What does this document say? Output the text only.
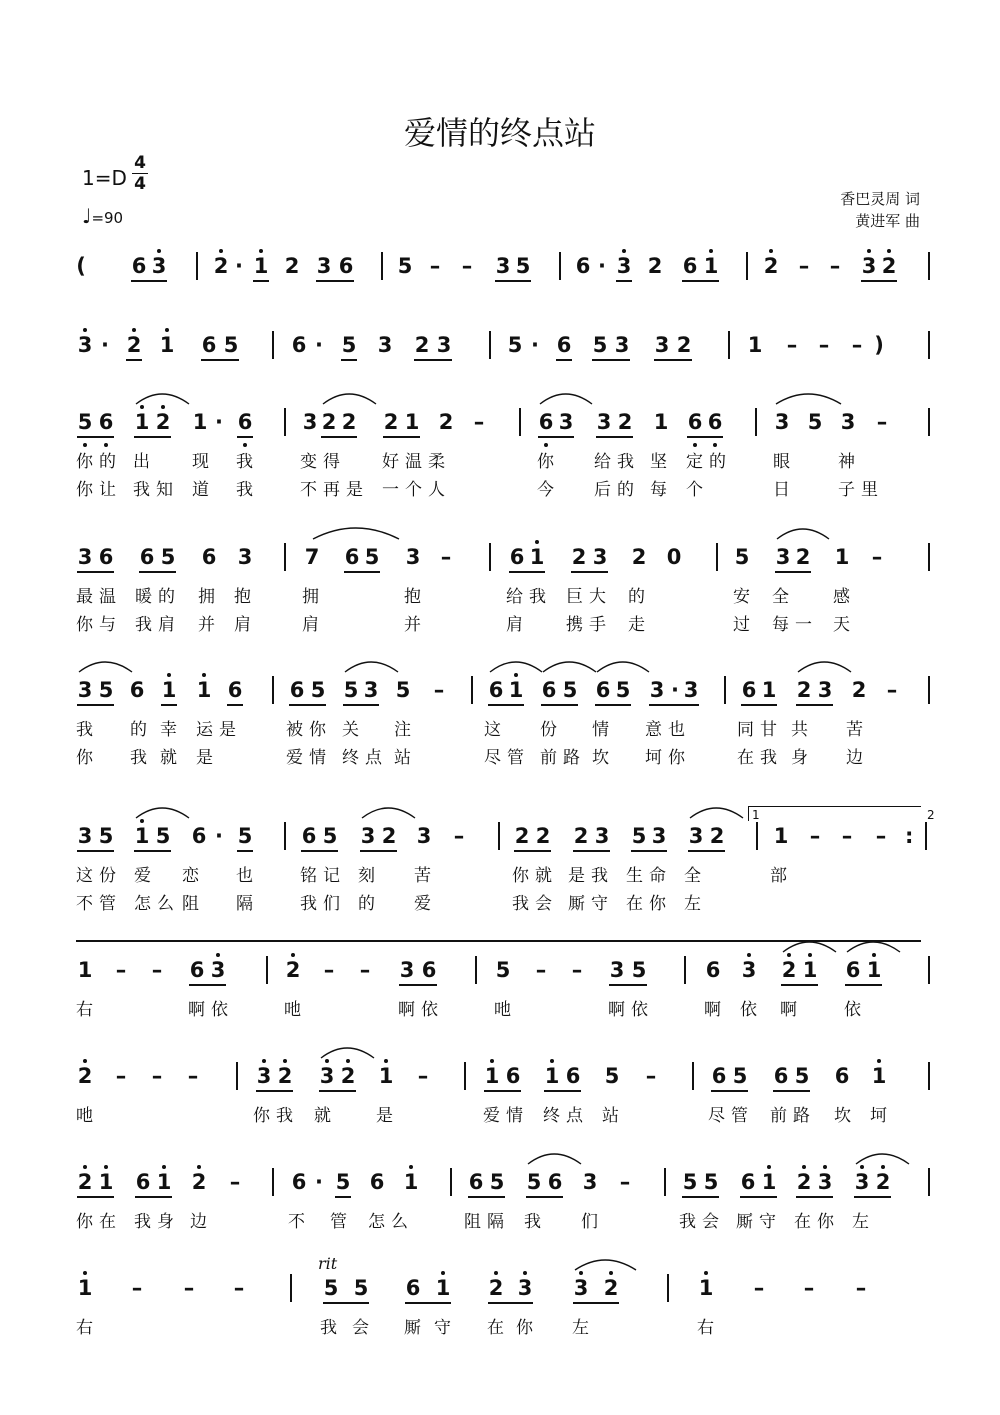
爱情的终点站
1=D
4
4
♩=90
香巴灵周 词
黄进军 曲
1	2
rit
( 6 3 2 · 1 2 3 6 5 – – 3 5 6 · 3 2 6 1 2 – – 3 2
3 · 2 1 6 5	6 · 5 3 2 3	5 · 6 5 3 3 2	1 – – – )
5 6 1 2 1 · 6 3 2 2 2 1 2 –	6 3 3 2 1 6 6 3 5 3 –
你的 出 现 我 变得 好温 柔	你 给我 坚 定的 眼 神
你让 我知 道 我 不再是 一个 人	今 后的 每 个	日 子里
3 6 6 5 6 3 7 6 5 3 –	6 1 2 3 2 0	5 3 2 1 –
最温 暖的 拥 抱	拥	抱	给我 巨大 的	安 全 感
你与 我肩 并 肩	肩	并	肩 携手 走	过 每一 天
3 5 6 1 1 6 6 5 5 3 5 – 6 1 6 5 6 5 3 · 3 6 1 2 3 2 –
我 的 幸 运是	被你 关 注	这 份 情 意也	同甘 共 苦
你 我 就 是	爱情 终点 站	尽管 前路 坎 坷你	在我 身 边
3 5 1 5 6 · 5 6 5 3 2 3 – 2 2 2 3 5 3 3 2 1 – – – :
这份 爱 恋 也 铭记 刻 苦	你就 是我 生命 全	部
不管 怎么 阻 隔 我们 的 爱	我会 厮守 在你 左
1 – – 6 3	2 – – 3 6	5 – – 3 5	6 3 2 1 6 1
右	啊依	吔	啊依	吔	啊依	啊 依 啊 依
2 – – –	3 2 3 2 1 –	1 6 1 6 5 –	6 5 6 5 6 1
吔	你我 就 是	爱情 终点 站	尽管 前路 坎 坷
2 1 6 1 2 – 6 · 5 6 1 6 5 5 6 3 – 5 5 6 1 2 3 3 2
你在 我身 边	不 管 怎么	阻隔 我 们	我会 厮守 在你 左
1 – – –	5 5 6 1 2 3 3 2	1 – – –
右	我 会 厮 守 在 你 左	右
